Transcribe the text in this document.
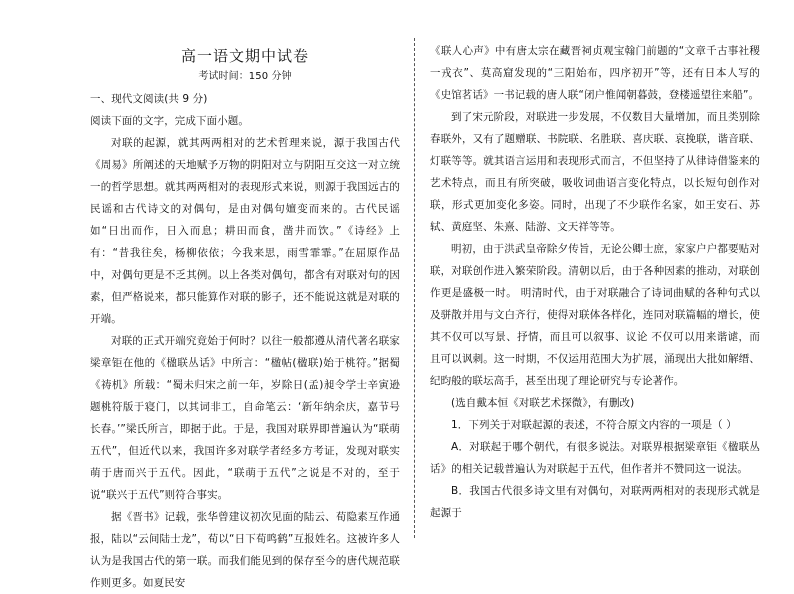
高一语文期中试卷
考试时间：150 分钟

一、现代文阅读(共 9 分)

阅读下面的文字，完成下面小题。

对联的起源，就其两两相对的艺术哲理来说，源于我国古代《周易》所阐述的天地赋予万物的阴阳对立与阴阳互交这一对立统一的哲学思想。就其两两相对的表现形式来说，则源于我国远古的民谣和古代诗文的对偶句，是由对偶句嬗变而来的。古代民谣如“日出而作，日入而息；耕田而食，凿井而饮。”《诗经》上有：“昔我往矣，杨柳依依；今我来思，雨雪霏霏。”在屈原作品中，对偶句更是不乏其例。以上各类对偶句，都含有对联对句的因素，但严格说来，都只能算作对联的影子，还不能说这就是对联的开端。

对联的正式开端究竟始于何时？以往一般都遵从清代著名联家梁章钜在他的《楹联丛话》中所言：“楹帖(楹联)始于桃符。”据蜀《祷机》所载：“蜀未归宋之前一年，岁除日(孟)昶令学士辛寅逊题桃符版于寝门，以其词非工，自命笔云：‘新年纳余庆，嘉节号长春。’”梁氏所言，即据于此。于是，我国对联界即普遍认为“联萌五代”，但近代以来，我国许多对联学者经多方考证，发现对联实萌于唐而兴于五代。因此，“联萌于五代”之说是不对的，至于说“联兴于五代”则符合事实。

据《晋书》记载，张华曾建议初次见面的陆云、荀隐素互作通报，陆以“云间陆士龙”，荀以“日下荀鸣鹤”互报姓名。这被许多人认为是我国古代的第一联。而我们能见到的保存至今的唐代规范联作则更多。如夏民安

《联人心声》中有唐太宗在藏晋祠贞观宝翰门前题的“文章千古事社稷一戎衣”、莫高窟发现的“三阳始布，四序初开”等，还有日本人写的《史馆茗话》一书记载的唐人联“闭户惟闻朝暮鼓，登楼遥望往来船”。

到了宋元阶段，对联进一步发展，不仅数目大量增加，而且类别除春联外，又有了题赠联、书院联、名胜联、喜庆联、哀挽联，谐音联、灯联等等。就其语言运用和表现形式而言，不但坚持了从律诗借鉴来的艺术特点，而且有所突破，吸收词曲语言变化特点，以长短句创作对联，形式更加变化多姿。同时，出现了不少联作名家，如王安石、苏轼、黄庭坚、朱熹、陆游、文天祥等等。

明初，由于洪武皇帝除夕传旨，无论公卿士庶，家家户户都要贴对联，对联创作进入繁荣阶段。清朝以后，由于各种因素的推动，对联创作更是盛极一时。 明清时代，由于对联融合了诗词曲赋的各种句式以及骈散并用与文白齐行，使得对联体各样化，连同对联篇幅的增长，使其不仅可以写景、抒情，而且可以叙事、议论 不仅可以用来谐谑，而且可以讽刺。这一时期，不仅运用范围大为扩展，涌现出大批如解缙、纪昀般的联坛高手，甚至出现了理论研究与专论著作。

(选自戴本恒《对联艺术探微》，有删改)

1．下列关于对联起源的表述，不符合原文内容的一项是（ ）

A．对联起于哪个朝代，有很多说法。对联界根据梁章钜《楹联丛话》的相关记载普遍认为对联起于五代，但作者并不赞同这一说法。

B．我国古代很多诗文里有对偶句，对联两两相对的表现形式就是起源于
